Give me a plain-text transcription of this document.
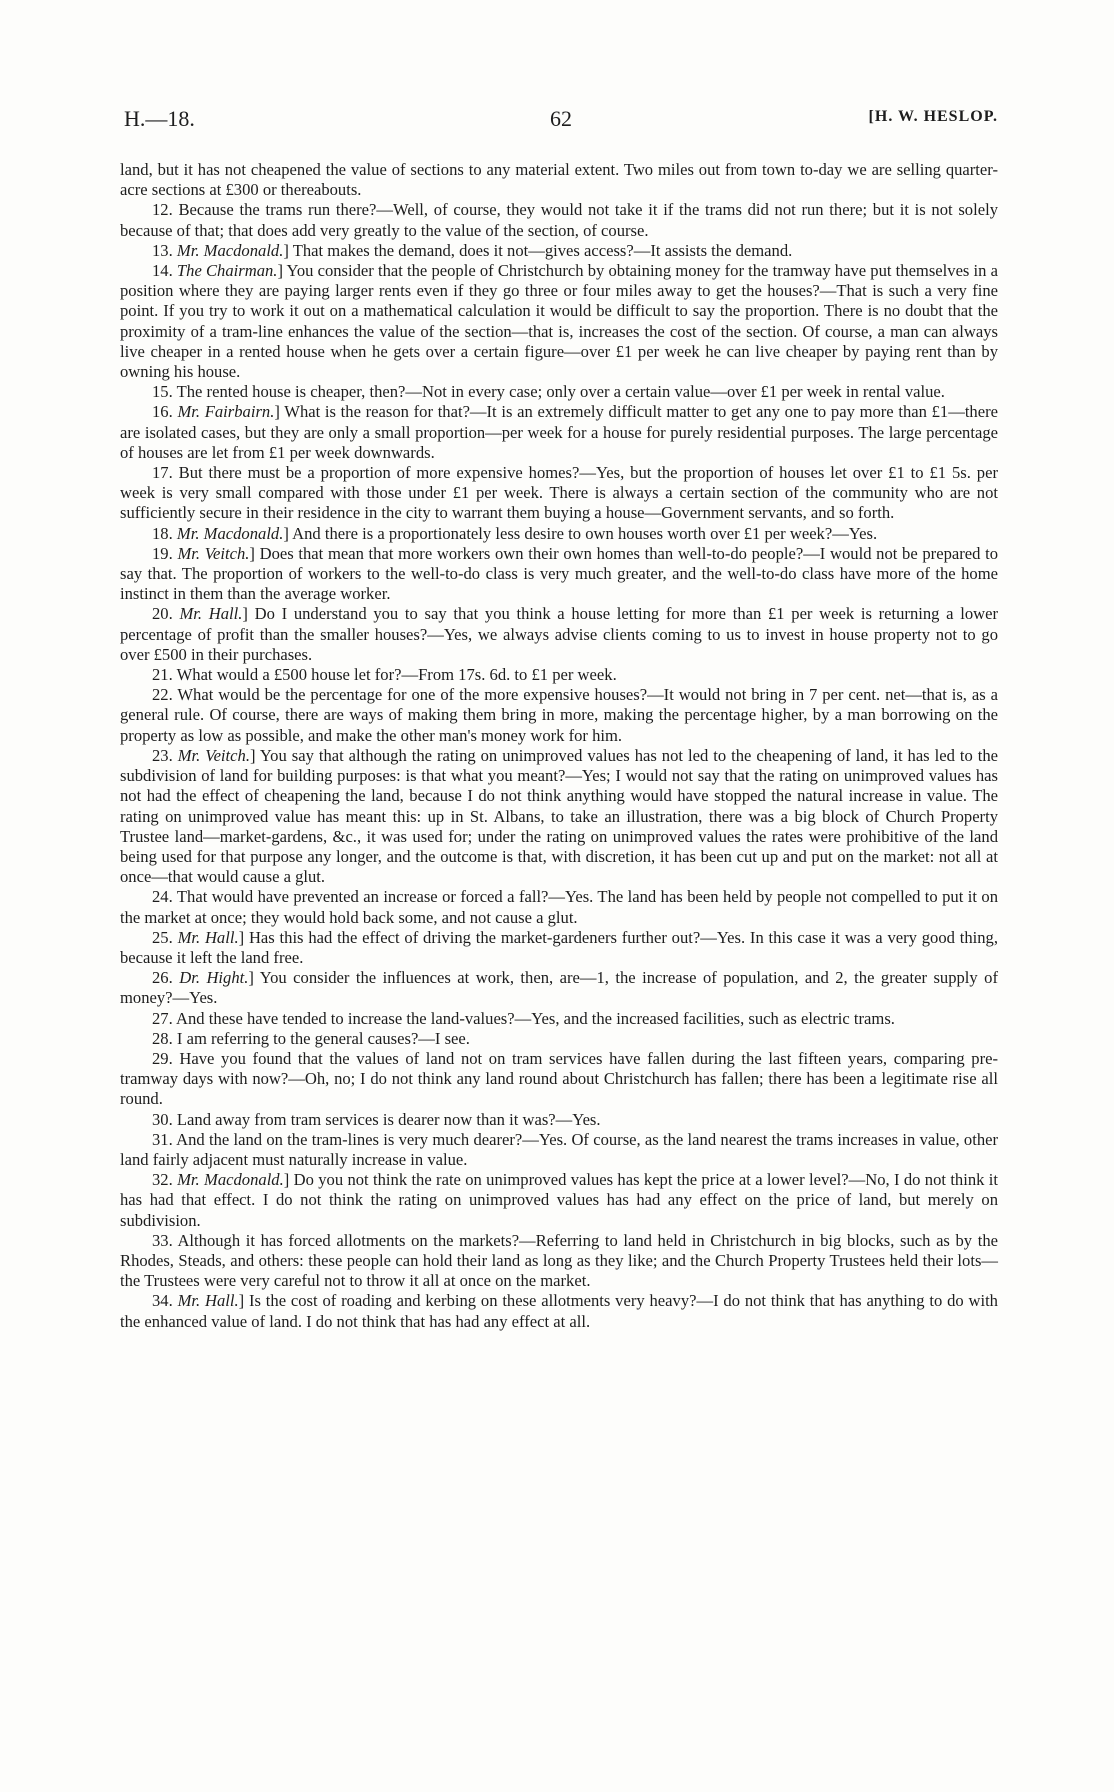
H.—18.	62	[H. W. HESLOP.

land, but it has not cheapened the value of sections to any material extent. Two miles out from town to-day we are selling quarter-acre sections at £300 or thereabouts.

12. Because the trams run there?—Well, of course, they would not take it if the trams did not run there; but it is not solely because of that; that does add very greatly to the value of the section, of course.

13. Mr. Macdonald.] That makes the demand, does it not—gives access?—It assists the demand.

14. The Chairman.] You consider that the people of Christchurch by obtaining money for the tramway have put themselves in a position where they are paying larger rents even if they go three or four miles away to get the houses?—That is such a very fine point. If you try to work it out on a mathematical calculation it would be difficult to say the proportion. There is no doubt that the proximity of a tram-line enhances the value of the section—that is, increases the cost of the section. Of course, a man can always live cheaper in a rented house when he gets over a certain figure—over £1 per week he can live cheaper by paying rent than by owning his house.

15. The rented house is cheaper, then?—Not in every case; only over a certain value—over £1 per week in rental value.

16. Mr. Fairbairn.] What is the reason for that?—It is an extremely difficult matter to get any one to pay more than £1—there are isolated cases, but they are only a small proportion—per week for a house for purely residential purposes. The large percentage of houses are let from £1 per week downwards.

17. But there must be a proportion of more expensive homes?—Yes, but the proportion of houses let over £1 to £1 5s. per week is very small compared with those under £1 per week. There is always a certain section of the community who are not sufficiently secure in their residence in the city to warrant them buying a house—Government servants, and so forth.

18. Mr. Macdonald.] And there is a proportionately less desire to own houses worth over £1 per week?—Yes.

19. Mr. Veitch.] Does that mean that more workers own their own homes than well-to-do people?—I would not be prepared to say that. The proportion of workers to the well-to-do class is very much greater, and the well-to-do class have more of the home instinct in them than the average worker.

20. Mr. Hall.] Do I understand you to say that you think a house letting for more than £1 per week is returning a lower percentage of profit than the smaller houses?—Yes, we always advise clients coming to us to invest in house property not to go over £500 in their purchases.

21. What would a £500 house let for?—From 17s. 6d. to £1 per week.

22. What would be the percentage for one of the more expensive houses?—It would not bring in 7 per cent. net—that is, as a general rule. Of course, there are ways of making them bring in more, making the percentage higher, by a man borrowing on the property as low as possible, and make the other man's money work for him.

23. Mr. Veitch.] You say that although the rating on unimproved values has not led to the cheapening of land, it has led to the subdivision of land for building purposes: is that what you meant?—Yes; I would not say that the rating on unimproved values has not had the effect of cheapening the land, because I do not think anything would have stopped the natural increase in value. The rating on unimproved value has meant this: up in St. Albans, to take an illustration, there was a big block of Church Property Trustee land—market-gardens, &c., it was used for; under the rating on unimproved values the rates were prohibitive of the land being used for that purpose any longer, and the outcome is that, with discretion, it has been cut up and put on the market: not all at once—that would cause a glut.

24. That would have prevented an increase or forced a fall?—Yes. The land has been held by people not compelled to put it on the market at once; they would hold back some, and not cause a glut.

25. Mr. Hall.] Has this had the effect of driving the market-gardeners further out?—Yes. In this case it was a very good thing, because it left the land free.

26. Dr. Hight.] You consider the influences at work, then, are—1, the increase of population, and 2, the greater supply of money?—Yes.

27. And these have tended to increase the land-values?—Yes, and the increased facilities, such as electric trams.

28. I am referring to the general causes?—I see.

29. Have you found that the values of land not on tram services have fallen during the last fifteen years, comparing pre-tramway days with now?—Oh, no; I do not think any land round about Christchurch has fallen; there has been a legitimate rise all round.

30. Land away from tram services is dearer now than it was?—Yes.

31. And the land on the tram-lines is very much dearer?—Yes. Of course, as the land nearest the trams increases in value, other land fairly adjacent must naturally increase in value.

32. Mr. Macdonald.] Do you not think the rate on unimproved values has kept the price at a lower level?—No, I do not think it has had that effect. I do not think the rating on unimproved values has had any effect on the price of land, but merely on subdivision.

33. Although it has forced allotments on the markets?—Referring to land held in Christchurch in big blocks, such as by the Rhodes, Steads, and others: these people can hold their land as long as they like; and the Church Property Trustees held their lots—the Trustees were very careful not to throw it all at once on the market.

34. Mr. Hall.] Is the cost of roading and kerbing on these allotments very heavy?—I do not think that has anything to do with the enhanced value of land. I do not think that has had any effect at all.
